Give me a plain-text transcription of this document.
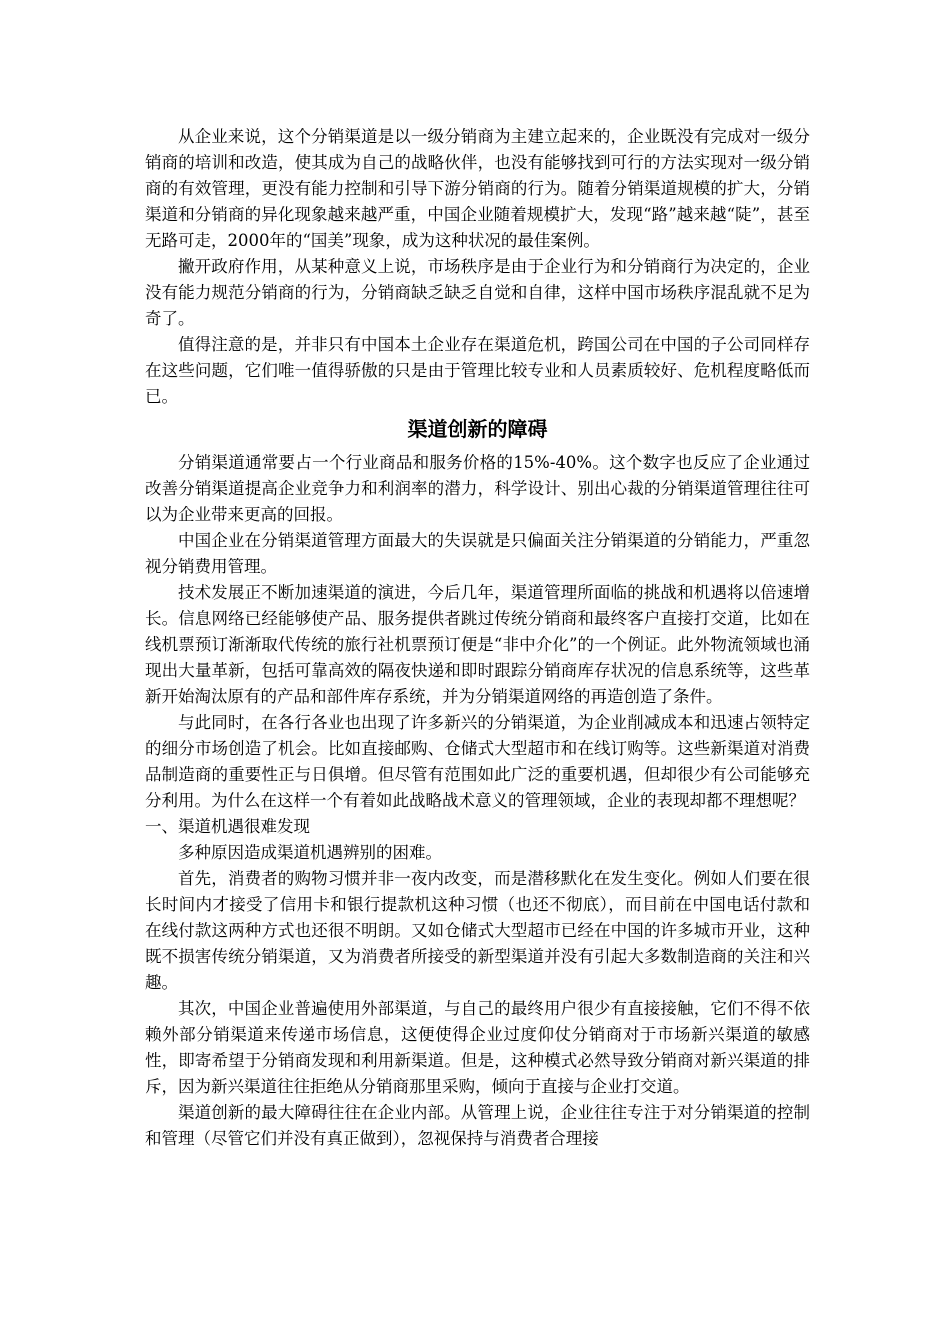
从企业来说，这个分销渠道是以一级分销商为主建立起来的，企业既没有完成对一级分销商的培训和改造，使其成为自己的战略伙伴，也没有能够找到可行的方法实现对一级分销商的有效管理，更没有能力控制和引导下游分销商的行为。随着分销渠道规模的扩大，分销渠道和分销商的异化现象越来越严重，中国企业随着规模扩大，发现“路”越来越“陡”，甚至无路可走，2000年的“国美”现象，成为这种状况的最佳案例。

撇开政府作用，从某种意义上说，市场秩序是由于企业行为和分销商行为决定的，企业没有能力规范分销商的行为，分销商缺乏缺乏自觉和自律，这样中国市场秩序混乱就不足为奇了。

值得注意的是，并非只有中国本土企业存在渠道危机，跨国公司在中国的子公司同样存在这些问题，它们唯一值得骄傲的只是由于管理比较专业和人员素质较好、危机程度略低而已。

渠道创新的障碍

分销渠道通常要占一个行业商品和服务价格的15%-40%。这个数字也反应了企业通过改善分销渠道提高企业竞争力和利润率的潜力，科学设计、别出心裁的分销渠道管理往往可以为企业带来更高的回报。

中国企业在分销渠道管理方面最大的失误就是只偏面关注分销渠道的分销能力，严重忽视分销费用管理。

技术发展正不断加速渠道的演进，今后几年，渠道管理所面临的挑战和机遇将以倍速增长。信息网络已经能够使产品、服务提供者跳过传统分销商和最终客户直接打交道，比如在线机票预订渐渐取代传统的旅行社机票预订便是“非中介化”的一个例证。此外物流领域也涌现出大量革新，包括可靠高效的隔夜快递和即时跟踪分销商库存状况的信息系统等，这些革新开始淘汰原有的产品和部件库存系统，并为分销渠道网络的再造创造了条件。

与此同时，在各行各业也出现了许多新兴的分销渠道，为企业削减成本和迅速占领特定的细分市场创造了机会。比如直接邮购、仓储式大型超市和在线订购等。这些新渠道对消费品制造商的重要性正与日俱增。但尽管有范围如此广泛的重要机遇，但却很少有公司能够充分利用。为什么在这样一个有着如此战略战术意义的管理领域，企业的表现却都不理想呢？

一、渠道机遇很难发现

多种原因造成渠道机遇辨别的困难。

首先，消费者的购物习惯并非一夜内改变，而是潜移默化在发生变化。例如人们要在很长时间内才接受了信用卡和银行提款机这种习惯（也还不彻底），而目前在中国电话付款和在线付款这两种方式也还很不明朗。又如仓储式大型超市已经在中国的许多城市开业，这种既不损害传统分销渠道，又为消费者所接受的新型渠道并没有引起大多数制造商的关注和兴趣。

其次，中国企业普遍使用外部渠道，与自己的最终用户很少有直接接触，它们不得不依赖外部分销渠道来传递市场信息，这便使得企业过度仰仗分销商对于市场新兴渠道的敏感性，即寄希望于分销商发现和利用新渠道。但是，这种模式必然导致分销商对新兴渠道的排斥，因为新兴渠道往往拒绝从分销商那里采购，倾向于直接与企业打交道。

渠道创新的最大障碍往往在企业内部。从管理上说，企业往往专注于对分销渠道的控制和管理（尽管它们并没有真正做到），忽视保持与消费者合理接
